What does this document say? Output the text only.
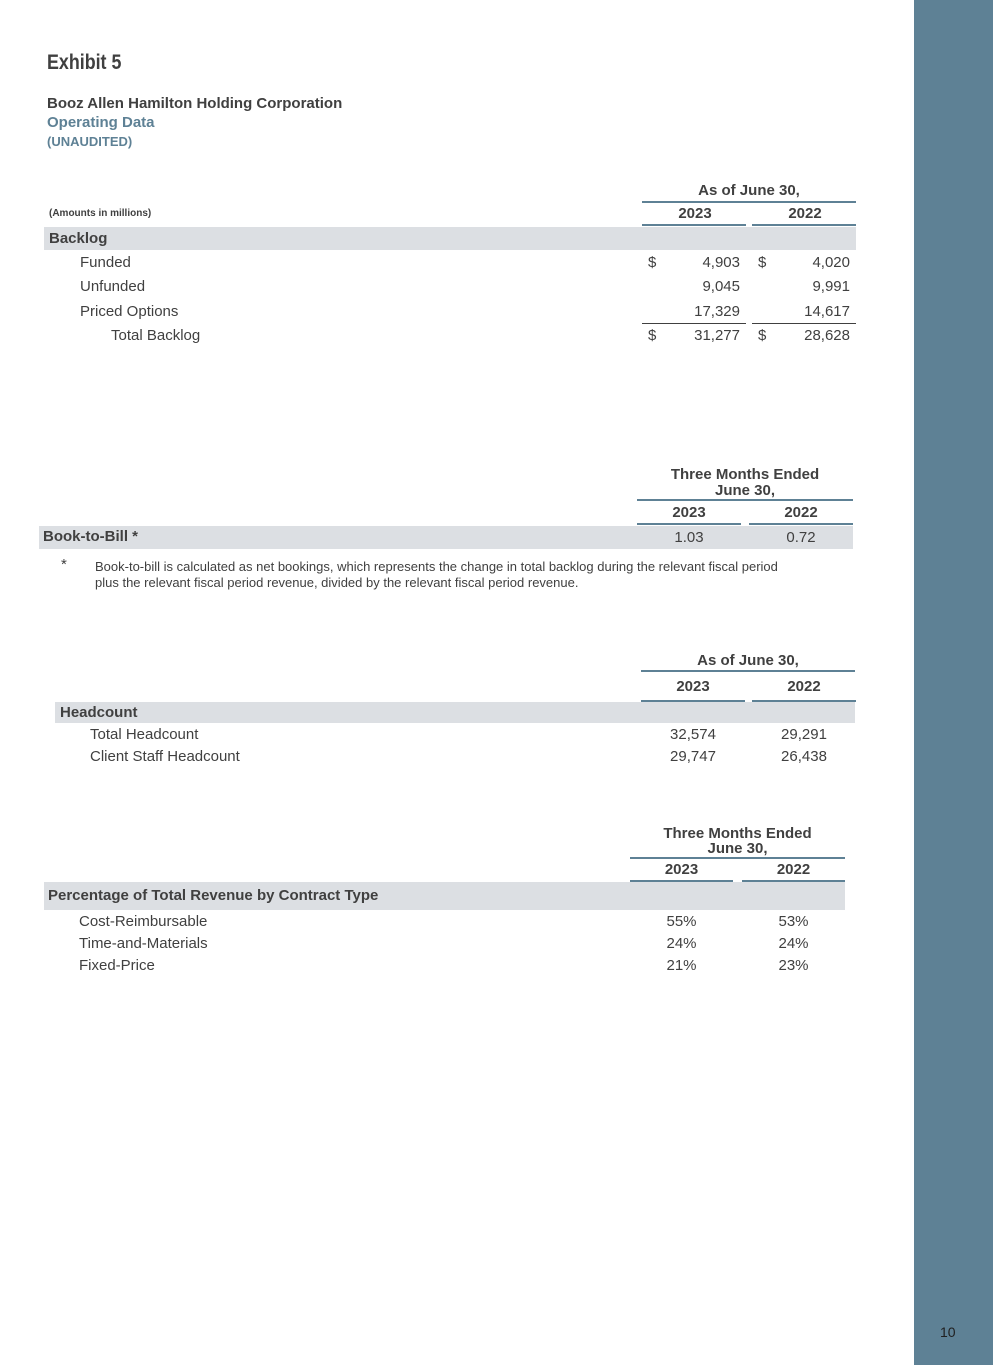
10
Exhibit 5
Booz Allen Hamilton Holding Corporation
Operating Data
(UNAUDITED)
As of June 30,
(Amounts in millions)	2023	2022
Backlog
Funded	$	4,903 $	4,020
Unfunded	9,045	9,991
Priced Options	17,329	14,617
Total Backlog	$	31,277 $	28,628
Three Months Ended
June 30,
2023	2022
Book-to-Bill *	1.03	0.72
* Book-to-bill is calculated as net bookings, which represents the change in total backlog during the relevant fiscal period
plus the relevant fiscal period revenue, divided by the relevant fiscal period revenue.
As of June 30,
2023	2022
Headcount
Total Headcount	32,574	29,291
Client Staff Headcount	29,747	26,438
Three Months Ended
June 30,
2023	2022
Percentage of Total Revenue by Contract Type
Cost-Reimbursable	55%	53%
Time-and-Materials	24%	24%
Fixed-Price	21%	23%
